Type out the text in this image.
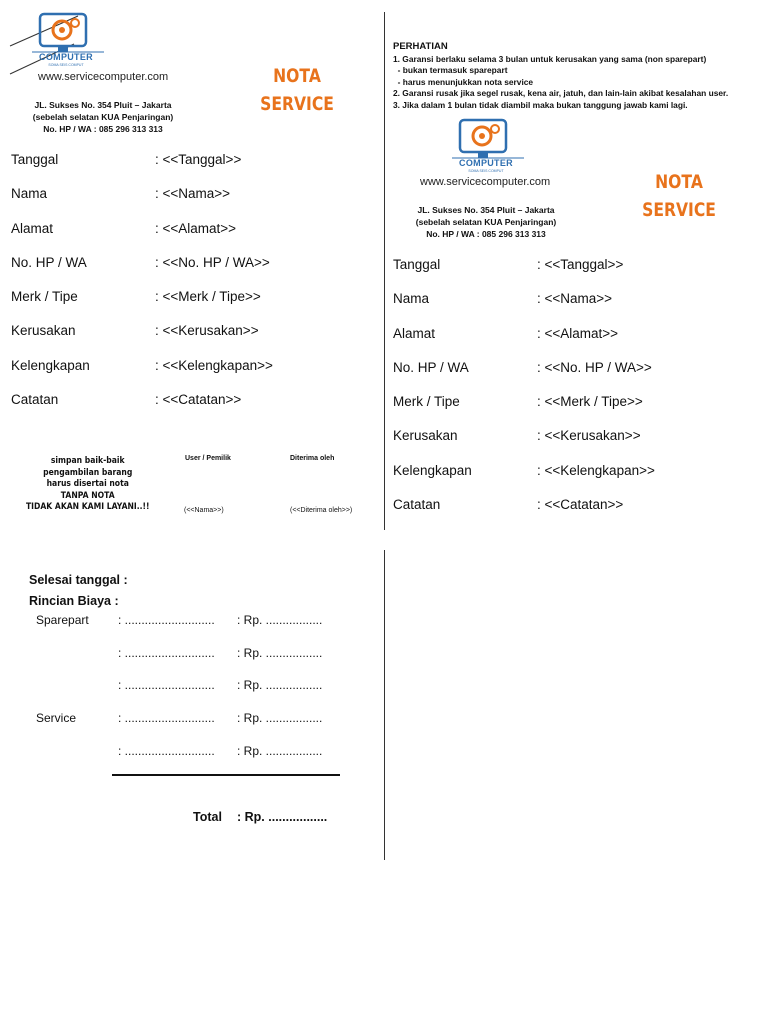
COMPUTER
SOMA SEIS COMPUT
www.servicecomputer.com
JL. Sukses No. 354 Pluit – Jakarta
(sebelah selatan KUA Penjaringan)
No. HP / WA : 085 296 313 313
NOTA
SERVICE
Tanggal	: <<Tanggal>>
Nama	: <<Nama>>
Alamat	: <<Alamat>>
No. HP / WA	: <<No. HP / WA>>
Merk / Tipe	: <<Merk / Tipe>>
Kerusakan	: <<Kerusakan>>
Kelengkapan	: <<Kelengkapan>>
Catatan	: <<Catatan>>
simpan baik-baik
pengambilan barang
harus disertai nota
TANPA NOTA
TIDAK AKAN KAMI LAYANI..!!
User / Pemilik	Diterima oleh
(<<Nama>>)	(<<Diterima oleh>>)
PERHATIAN
1. Garansi berlaku selama 3 bulan untuk kerusakan yang sama (non sparepart)
- bukan termasuk sparepart
- harus menunjukkan nota service
2. Garansi rusak jika segel rusak, kena air, jatuh, dan lain-lain akibat kesalahan user.
3. Jika dalam 1 bulan tidak diambil maka bukan tanggung jawab kami lagi.
COMPUTER
SOMA SEIS COMPUT
www.servicecomputer.com
JL. Sukses No. 354 Pluit – Jakarta
(sebelah selatan KUA Penjaringan)
No. HP / WA : 085 296 313 313
NOTA
SERVICE
Tanggal	: <<Tanggal>>
Nama	: <<Nama>>
Alamat	: <<Alamat>>
No. HP / WA	: <<No. HP / WA>>
Merk / Tipe	: <<Merk / Tipe>>
Kerusakan	: <<Kerusakan>>
Kelengkapan	: <<Kelengkapan>>
Catatan	: <<Catatan>>
Selesai tanggal :
Rincian Biaya :
Sparepart : ........................... : Rp. .................
: ........................... : Rp. .................
: ........................... : Rp. .................
Service	: ........................... : Rp. .................
: ........................... : Rp. .................
Total : Rp. .................
